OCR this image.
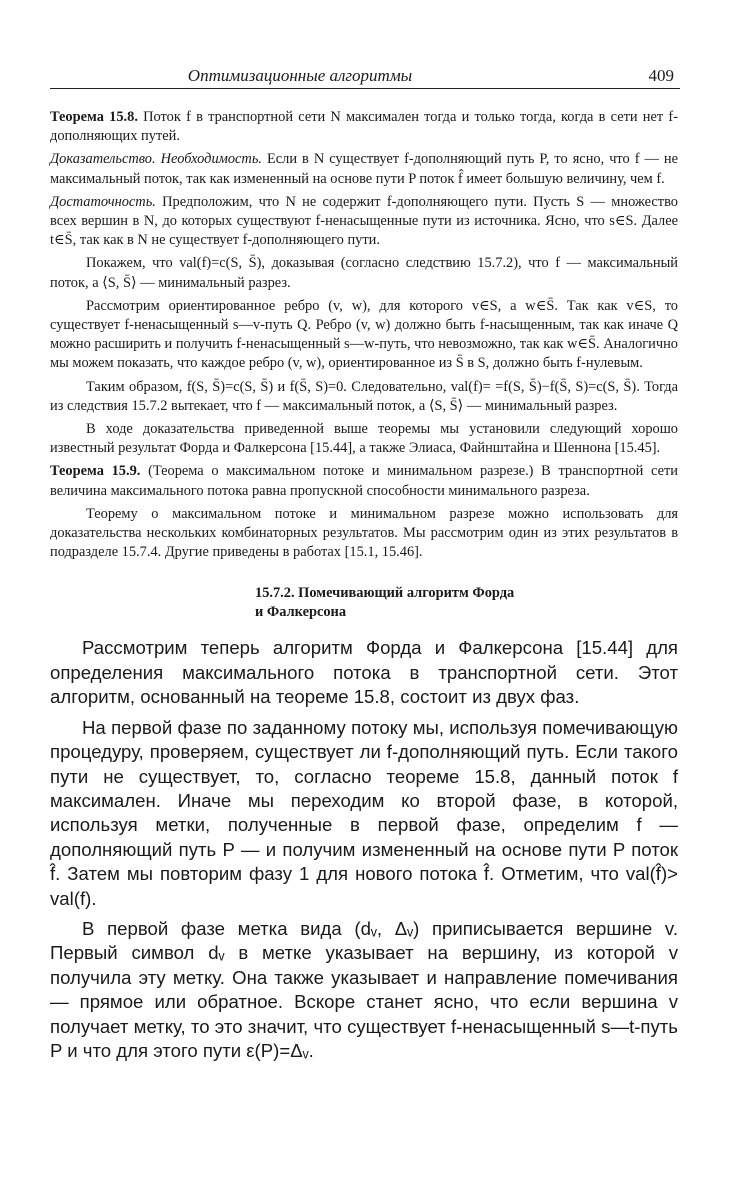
Оптимизационные алгоритмы	409

Теорема 15.8. Поток f в транспортной сети N максимален тогда и только тогда, когда в сети нет f-дополняющих путей.

Доказательство. Необходимость. Если в N существует f-дополняющий путь P, то ясно, что f — не максимальный поток, так как измененный на основе пути P поток f̂ имеет большую величину, чем f.

Достаточность. Предположим, что N не содержит f-дополняющего пути. Пусть S — множество всех вершин в N, до которых существуют f-ненасыщенные пути из источника. Ясно, что s∈S. Далее t∈S̄, так как в N не существует f-дополняющего пути.

Покажем, что val(f)=c(S, S̄), доказывая (согласно следствию 15.7.2), что f — максимальный поток, а ⟨S, S̄⟩ — минимальный разрез.

Рассмотрим ориентированное ребро (v, w), для которого v∈S, a w∈S̄. Так как v∈S, то существует f-ненасыщенный s—v-путь Q. Ребро (v, w) должно быть f-насыщенным, так как иначе Q можно расширить и получить f-ненасыщенный s—w-путь, что невозможно, так как w∈S̄. Аналогично мы можем показать, что каждое ребро (v, w), ориентированное из S̄ в S, должно быть f-нулевым.

Таким образом, f(S, S̄)=c(S, S̄) и f(S̄, S)=0. Следовательно, val(f)= =f(S, S̄)−f(S̄, S)=c(S, S̄). Тогда из следствия 15.7.2 вытекает, что f — максимальный поток, а ⟨S, S̄⟩ — минимальный разрез.

В ходе доказательства приведенной выше теоремы мы установили следующий хорошо известный результат Форда и Фалкерсона [15.44], а также Элиаса, Файнштайна и Шеннона [15.45].

Теорема 15.9. (Теорема о максимальном потоке и минимальном разрезе.) В транспортной сети величина максимального потока равна пропускной способности минимального разреза.

Теорему о максимальном потоке и минимальном разрезе можно использовать для доказательства нескольких комбинаторных результатов. Мы рассмотрим один из этих результатов в подразделе 15.7.4. Другие приведены в работах [15.1, 15.46].

15.7.2. Помечивающий алгоритм Форда
и Фалкерсона

Рассмотрим теперь алгоритм Форда и Фалкерсона [15.44] для определения максимального потока в транспортной сети. Этот алгоритм, основанный на теореме 15.8, состоит из двух фаз.

На первой фазе по заданному потоку мы, используя помечивающую процедуру, проверяем, существует ли f-дополняющий путь. Если такого пути не существует, то, согласно теореме 15.8, данный поток f максимален. Иначе мы переходим ко второй фазе, в которой, используя метки, полученные в первой фазе, определим f — дополняющий путь P — и получим измененный на основе пути P поток f̂. Затем мы повторим фазу 1 для нового потока f̂. Отметим, что val(f̂)> val(f).

В первой фазе метка вида (dᵥ, Δᵥ) приписывается вершине v. Первый символ dᵥ в метке указывает на вершину, из которой v получила эту метку. Она также указывает и направление помечивания — прямое или обратное. Вскоре станет ясно, что если вершина v получает метку, то это значит, что существует f-ненасыщенный s—t-путь P и что для этого пути ε(P)=Δᵥ.
